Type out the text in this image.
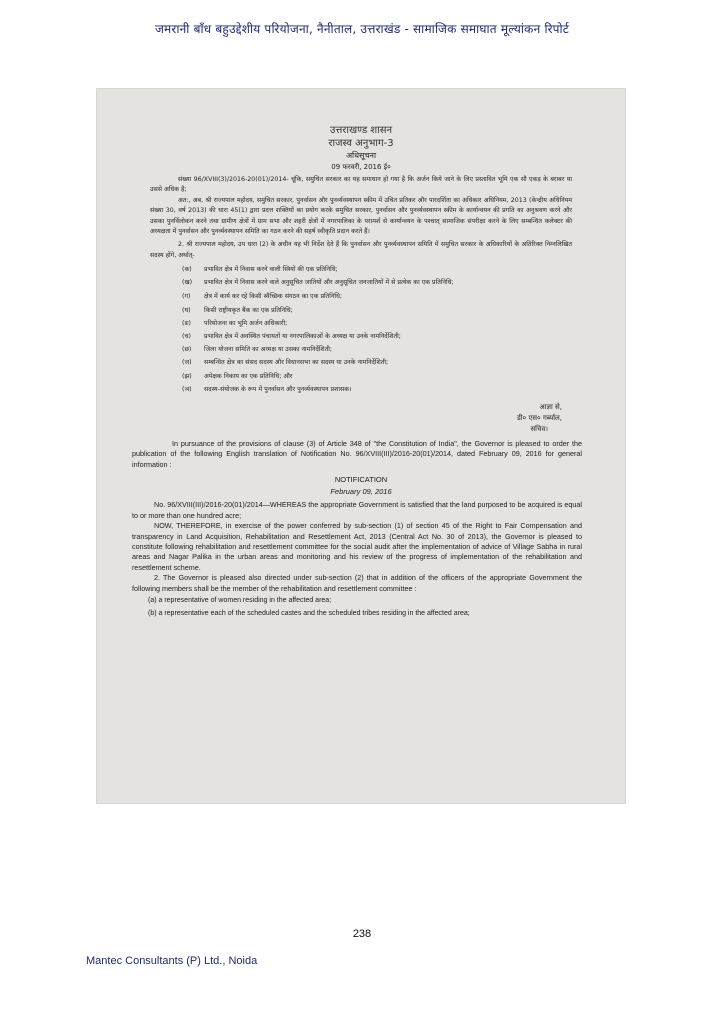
जमरानी बाँध बहुउद्देशीय परियोजना, नैनीताल, उत्तराखंड - सामाजिक समाघात मूल्यांकन रिपोर्ट
उत्तराखण्ड शासन
राजस्व अनुभाग-3
अधिसूचना
09 फरवरी, 2016 ई०
संख्या 96/XVIII(3)/2016-20(01)/2014- चूंकि, समुचित सरकार का यह समाधान हो गया है कि अर्जन किये जाने के लिए प्रस्तावित भूमि एक सौ एकड़ के बराबर या उससे अधिक है;
अत:, अब, श्री राज्यपाल महोदय, समुचित सरकार, पुनर्वासन और पुनर्व्यवस्थापन स्कीम में उचित प्रतिकर और पारदर्शिता का अधिकार अधिनियम, 2013 (केन्द्रीय अधिनियम संख्या 30, वर्ष 2013) की धारा 45(1) द्वारा प्रदत्त शक्तियों का प्रयोग करके समुचित सरकार, पुनर्वासन और पुनर्व्यवस्थापन स्कीम के कार्यान्वयन की प्रगति का अनुश्रवण करने और उसका पुनर्विलोकन करने तथा ग्रामीण क्षेत्रों में ग्राम सभा और शहरी क्षेत्रों में नगरपालिका के परामर्श से कार्यान्वयन के पश्चात् सामाजिक संपरीक्षा करने के लिए सम्बन्धित कलेक्टर की अध्यक्षता में पुनर्वासन और पुनर्व्यवस्थापन समिति का गठन करने की सहर्ष स्वीकृति प्रदान करते हैं।
2. श्री राज्यपाल महोदय, उप धारा (2) के अधीन यह भी निर्देश देते हैं कि पुनर्वासन और पुनर्व्यवस्थापन समिति में समुचित सरकार के अधिकारियों के अतिरिक्त निम्नलिखित सदस्य होंगे, अर्थात्-
(क) प्रभावित क्षेत्र में निवास करने वाली स्त्रियों की एक प्रतिनिधि;
(ख) प्रभावित क्षेत्र में निवास करने वाले अनुसूचित जातियों और अनुसूचित जनजातियों में से प्रत्येक का एक प्रतिनिधि;
(ग) क्षेत्र में कार्य कर रहे किसी स्वैच्छिक संगठन का एक प्रतिनिधि;
(घ) किसी राष्ट्रीयकृत बैंक का एक प्रतिनिधि;
(ङ) परियोजना का भूमि अर्जन अधिकारी;
(च) प्रभावित क्षेत्र में अवस्थित पंचायतों या नगरपालिकाओं के अध्यक्ष या उनके नामनिर्देशिती;
(छ) जिला योजना समिति का अध्यक्ष या उसका नामनिर्देशिती;
(ज) सम्बन्धित क्षेत्र का संसद सदस्य और विधानसभा का सदस्य या उनके नामनिर्देशिती;
(झ) अपेक्षक निकाय का एक प्रतिनिधि; और
(ञ) सदस्य-संयोजक के रूप में पुनर्वासन और पुनर्व्यवस्थापन प्रशासक।
आज्ञा से,
डी० एस० गर्ब्याल,
सचिव।
In pursuance of the provisions of clause (3) of Article 348 of "the Constitution of India", the Governor is pleased to order the publication of the following English translation of Notification No. 96/XVIII(III)/2016-20(01)/2014, dated February 09, 2016 for general information :
NOTIFICATION
February 09, 2016
No. 96/XVIII(III)/2016-20(01)/2014—WHEREAS the appropriate Government is satisfied that the land purposed to be acquired is equal to or more than one hundred acre;
NOW, THEREFORE, in exercise of the power conferred by sub-section (1) of section 45 of the Right to Fair Compensation and transparency in Land Acquisition, Rehabilitation and Resettlement Act, 2013 (Central Act No. 30 of 2013), the Governor is pleased to constitute following rehabilitation and resettlement committee for the social audit after the implementation of advice of Village Sabha in rural areas and Nagar Palika in the urban areas and monitoring and his review of the progress of implementation of the rehabilitation and resettlement scheme.
2. The Governor is pleased also directed under sub-section (2) that in addition of the officers of the appropriate Government the following members shall be the member of the rehabilitation and resettlement committee :
(a) a representative of women residing in the affected area;
(b) a representative each of the scheduled castes and the scheduled tribes residing in the affected area;
238
Mantec Consultants (P) Ltd., Noida
